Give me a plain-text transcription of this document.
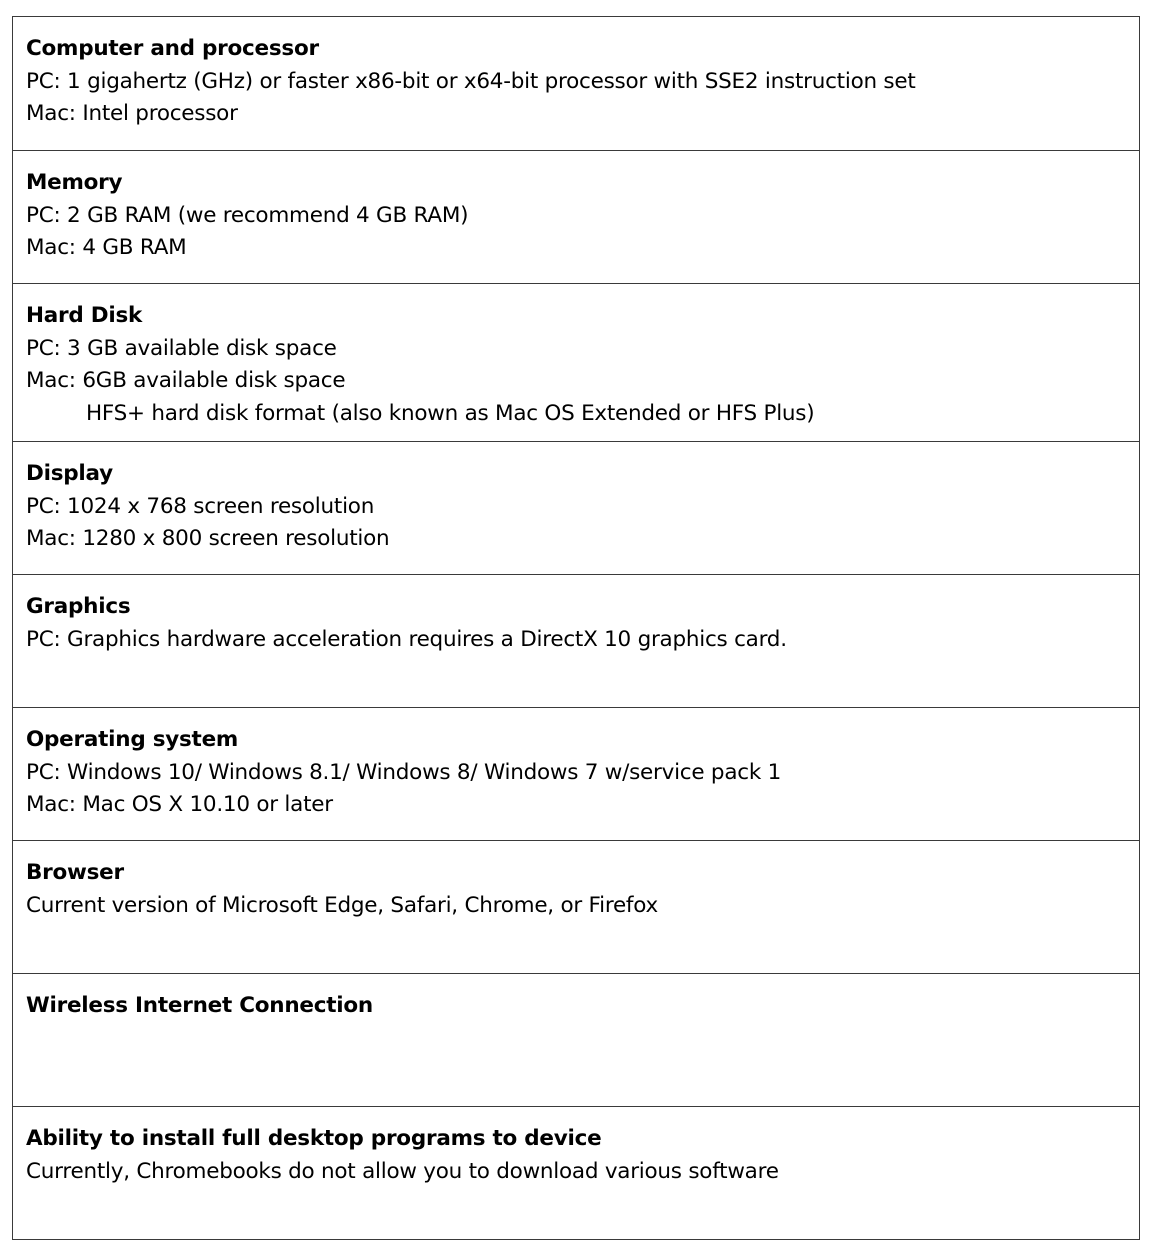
Computer and processor
PC: 1 gigahertz (GHz) or faster x86-bit or x64-bit processor with SSE2 instruction set
Mac: Intel processor
Memory
PC: 2 GB RAM (we recommend 4 GB RAM)
Mac: 4 GB RAM
Hard Disk
PC: 3 GB available disk space
Mac: 6GB available disk space
HFS+ hard disk format (also known as Mac OS Extended or HFS Plus)
Display
PC: 1024 x 768 screen resolution
Mac: 1280 x 800 screen resolution
Graphics
PC: Graphics hardware acceleration requires a DirectX 10 graphics card.
Operating system
PC: Windows 10/ Windows 8.1/ Windows 8/ Windows 7 w/service pack 1
Mac: Mac OS X 10.10 or later
Browser
Current version of Microsoft Edge, Safari, Chrome, or Firefox
Wireless Internet Connection
Ability to install full desktop programs to device
Currently, Chromebooks do not allow you to download various software
